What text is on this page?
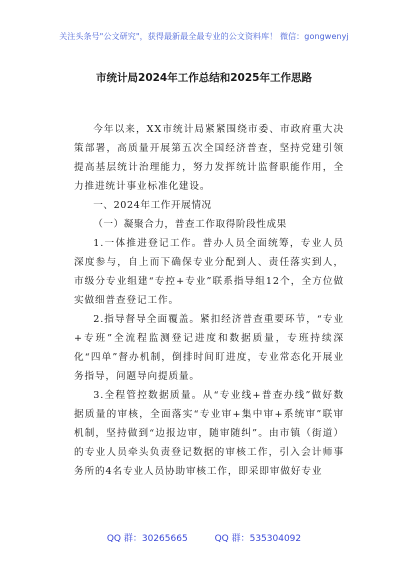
关注头条号"公文研究"，获得最新最全最专业的公文资料库！ 微信：gongwenyj
市统计局2024年工作总结和2025年工作思路

今年以来，XX市统计局紧紧围绕市委、市政府重大决策部署，高质量开展第五次全国经济普查，坚持党建引领提高基层统计治理能力，努力发挥统计监督职能作用，全力推进统计事业标准化建设。

一、2024年工作开展情况

（一）凝聚合力，普查工作取得阶段性成果

1.一体推进登记工作。普办人员全面统筹，专业人员深度参与，自上而下确保专业分配到人、责任落实到人，市级分专业组建“专控+专业”联系指导组12个，全方位做实做细普查登记工作。

2.指导督导全面覆盖。紧扣经济普查重要环节，“专业+专班”全流程监测登记进度和数据质量，专班持续深化“四单”督办机制，倒排时间盯进度，专业常态化开展业务指导，问题导向提质量。

3.全程管控数据质量。从“专业线+普查办线”做好数据质量的审核，全面落实“专业审+集中审+系统审”联审机制，坚持做到“边报边审，随审随纠”。由市镇（街道）的专业人员牵头负责登记数据的审核工作，引入会计师事务所的4名专业人员协助审核工作，即采即审做好专业

QQ 群：30265665	QQ 群：535304092
